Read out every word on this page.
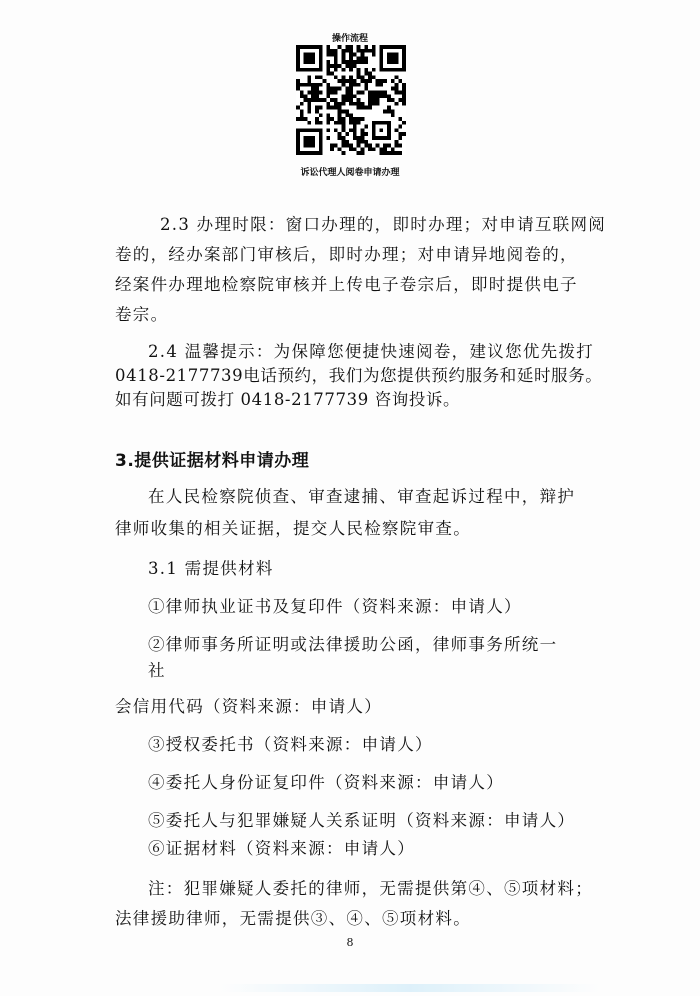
操作流程
诉讼代理人阅卷申请办理
2.3 办理时限：窗口办理的，即时办理；对申请互联网阅
卷的，经办案部门审核后，即时办理；对申请异地阅卷的，
经案件办理地检察院审核并上传电子卷宗后，即时提供电子
卷宗。
2.4 温馨提示：为保障您便捷快速阅卷，建议您优先拨打
0418-2177739电话预约，我们为您提供预约服务和延时服务。
如有问题可拨打 0418-2177739 咨询投诉。
3.提供证据材料申请办理
在人民检察院侦查、审查逮捕、审查起诉过程中，辩护
律师收集的相关证据，提交人民检察院审查。
3.1 需提供材料
①律师执业证书及复印件（资料来源：申请人）
②律师事务所证明或法律援助公函，律师事务所统一
社
会信用代码（资料来源：申请人）
③授权委托书（资料来源：申请人）
④委托人身份证复印件（资料来源：申请人）
⑤委托人与犯罪嫌疑人关系证明（资料来源：申请人）
⑥证据材料（资料来源：申请人）
注：犯罪嫌疑人委托的律师，无需提供第④、⑤项材料；
法律援助律师，无需提供③、④、⑤项材料。
8
